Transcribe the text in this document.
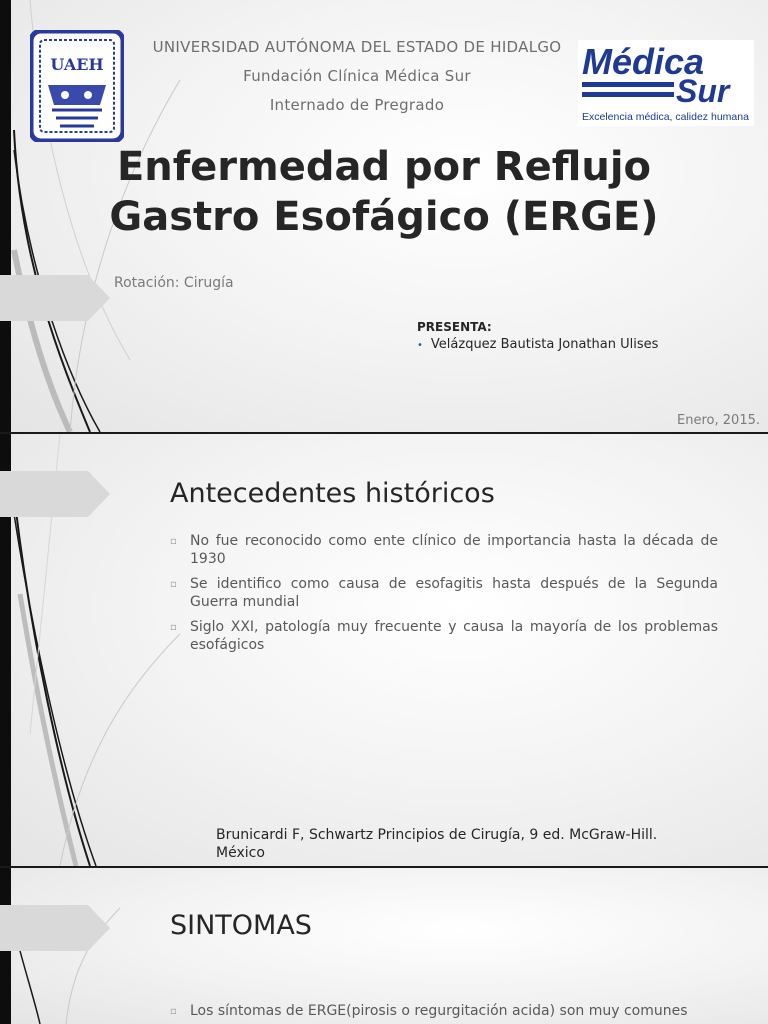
UAEH
UNIVERSIDAD AUTÓNOMA DEL ESTADO DE HIDALGO
Fundación Clínica Médica Sur
Internado de Pregrado
Médica
Sur
Excelencia médica, calidez humana
Enfermedad por Reflujo
Gastro Esofágico (ERGE)
Rotación: Cirugía
PRESENTA:
• Velázquez Bautista Jonathan Ulises
Enero, 2015.
Antecedentes históricos
▫ No fue reconocido como ente clínico de importancia hasta la década de 1930
▫ Se identifico como causa de esofagitis hasta después de la Segunda Guerra mundial
▫ Siglo XXI, patología muy frecuente y causa la mayoría de los problemas esofágicos
Brunicardi F, Schwartz Principios de Cirugía, 9 ed. McGraw-Hill. México
SINTOMAS
▫ Los síntomas de ERGE(pirosis o regurgitación acida) son muy comunes
